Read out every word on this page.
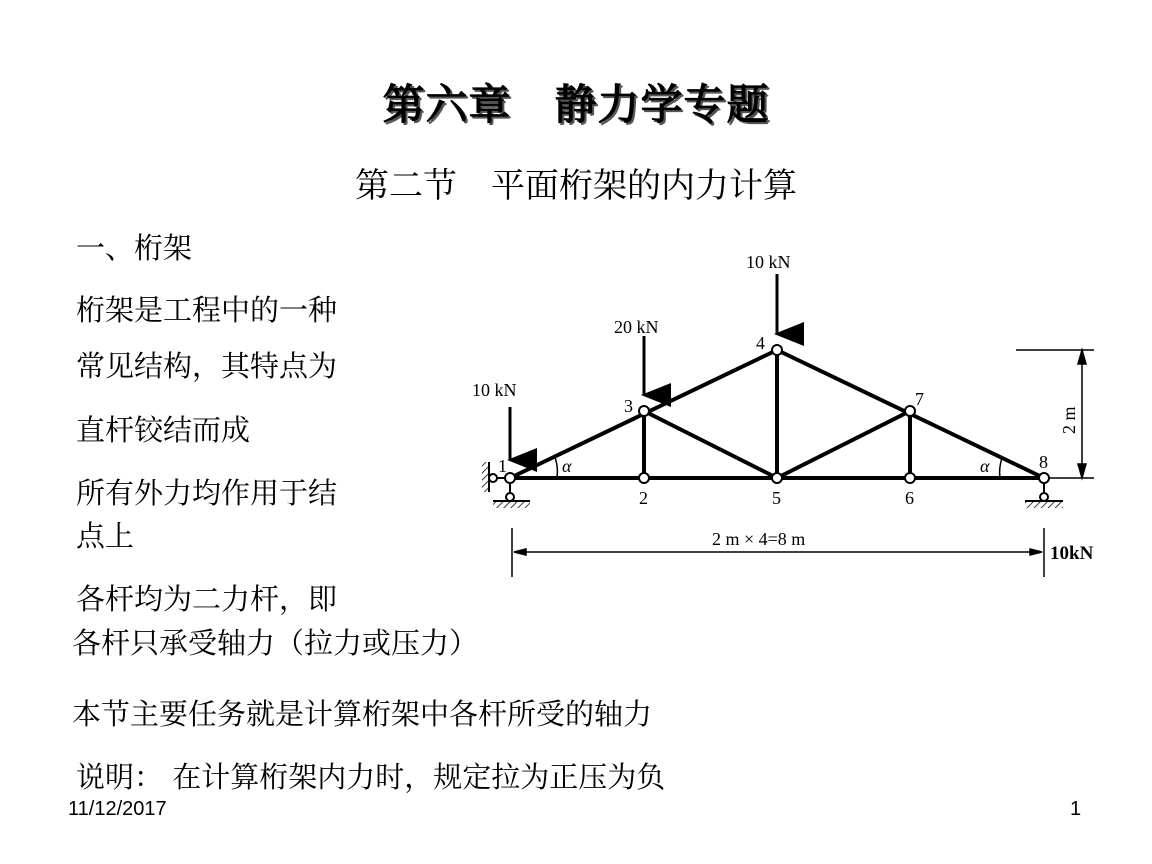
第六章　静力学专题
第二节　平面桁架的内力计算
一、桁架
桁架是工程中的一种
常见结构，其特点为
直杆铰结而成
所有外力均作用于结
点上
各杆均为二力杆，即
各杆只承受轴力（拉力或压力）
本节主要任务就是计算桁架中各杆所受的轴力
说明： 在计算桁架内力时，规定拉为正压为负
11/12/2017	1
10 kN
20 kN
10 kN
1
2
3
4
5	6
7
8
α	α
2 m
2 m × 4=8 m
10kN
